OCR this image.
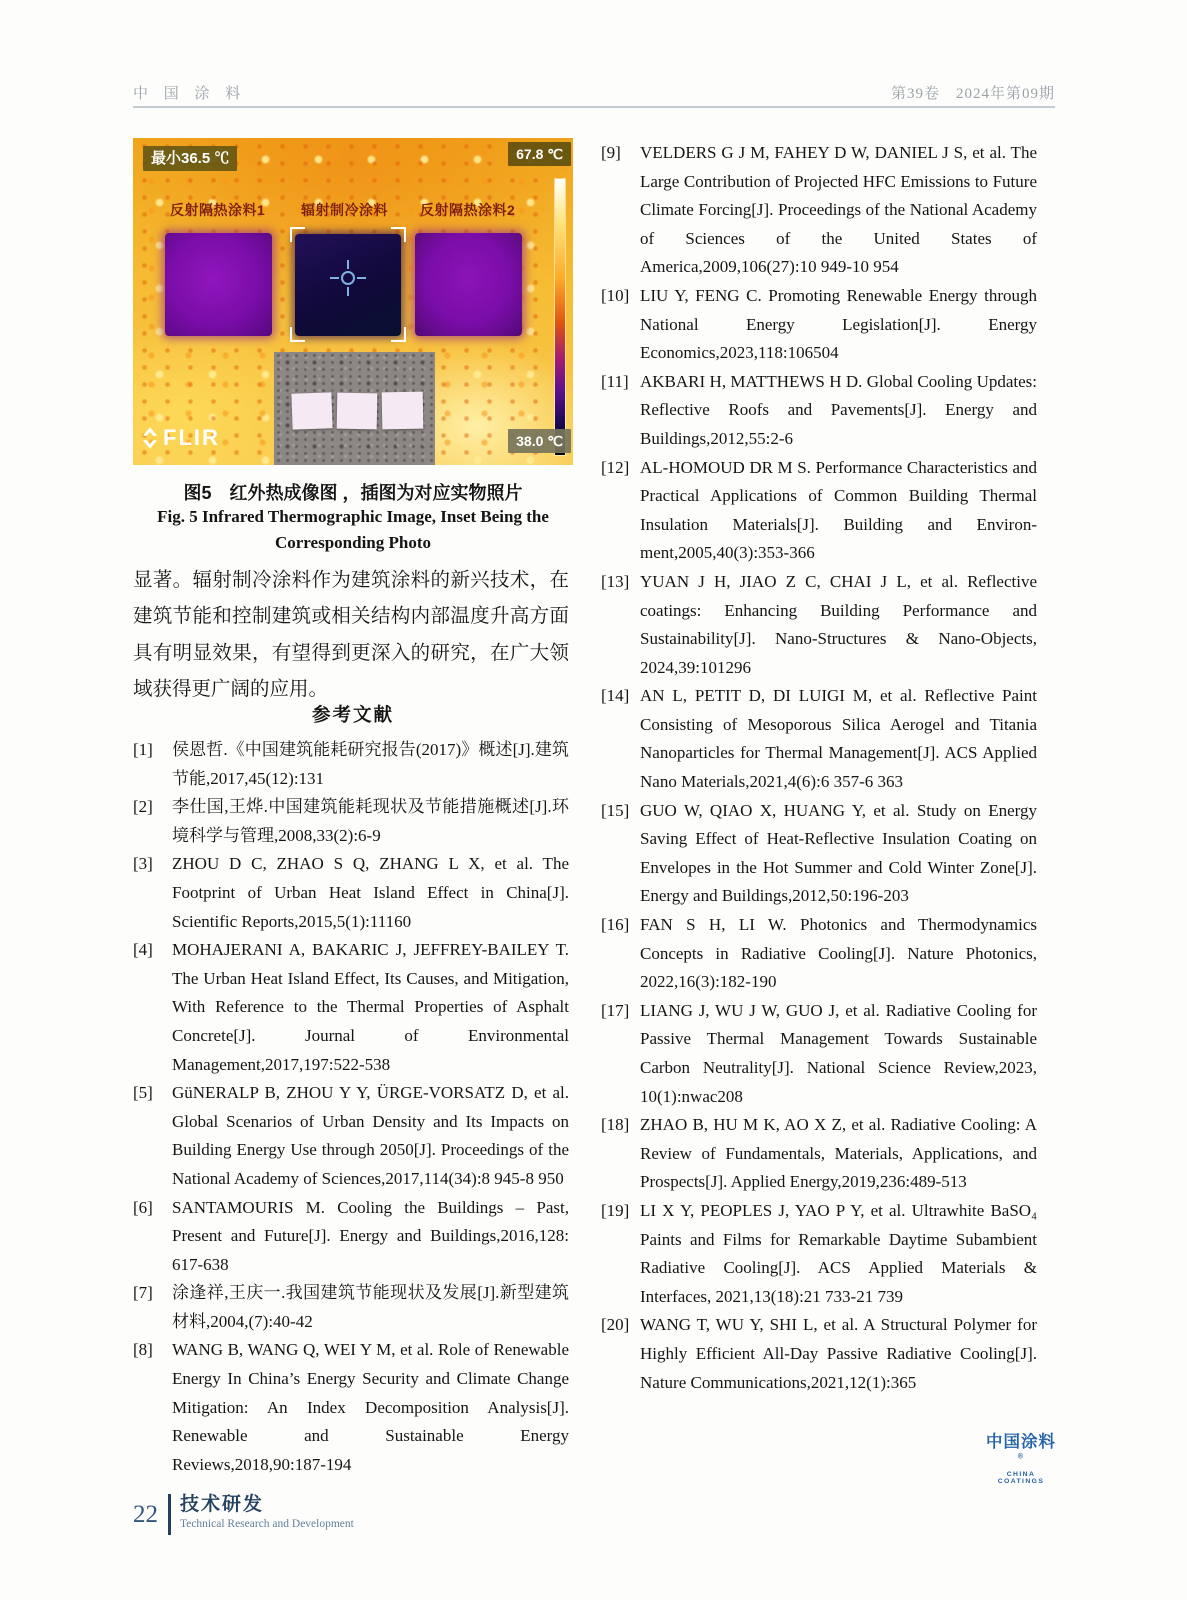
中 国 涂 料	第39卷　2024年第09期
最小36.5 ℃	67.8 ℃
38.0 ℃
反射隔热涂料1	辐射制冷涂料 反射隔热涂料2
FLIR
图5　红外热成像图 ，插图为对应实物照片
Fig. 5 Infrared Thermographic Image, Inset Being the
Corresponding Photo
显著。辐射制冷涂料作为建筑涂料的新兴技术，在建筑节能和控制建筑或相关结构内部温度升高方面具有明显效果，有望得到更深入的研究，在广大领域获得更广阔的应用。
参考文献
[1] 侯恩哲.《中国建筑能耗研究报告(2017)》概述[J].建筑节能,2017,45(12):131
[2] 李仕国,王烨.中国建筑能耗现状及节能措施概述[J].环境科学与管理,2008,33(2):6-9
[3] ZHOU D C, ZHAO S Q, ZHANG L X, et al. The Footprint of Urban Heat Island Effect in China[J]. Scientific Reports,2015,5(1):11160
[4] MOHAJERANI A, BAKARIC J, JEFFREY-BAILEY T. The Urban Heat Island Effect, Its Causes, and Mitigation, With Reference to the Thermal Properties of Asphalt Concrete[J]. Journal of Environmental Management,2017,197:522-538
[5] GüNERALP B, ZHOU Y Y, ÜRGE-VORSATZ D, et al. Global Scenarios of Urban Density and Its Impacts on Building Energy Use through 2050[J]. Proceedings of the National Academy of Sciences,2017,114(34):8 945-8 950
[6] SANTAMOURIS M. Cooling the Buildings – Past, Present and Future[J]. Energy and Buildings,2016,128: 617-638
[7] 涂逢祥,王庆一.我国建筑节能现状及发展[J].新型建筑材料,2004,(7):40-42
[8] WANG B, WANG Q, WEI Y M, et al. Role of Renewable Energy In China’s Energy Security and Climate Change Mitigation: An Index Decomposition Analysis[J]. Renewable and Sustainable Energy Reviews,2018,90:187-194
[9] VELDERS G J M, FAHEY D W, DANIEL J S, et al. The Large Contribution of Projected HFC Emissions to Future Climate Forcing[J]. Proceedings of the National Academy of Sciences of the United States of America,2009,106(27):10 949-10 954
[10] LIU Y, FENG C. Promoting Renewable Energy through National Energy Legislation[J]. Energy Economics,2023,118:106504
[11] AKBARI H, MATTHEWS H D. Global Cooling Updates: Reflective Roofs and Pavements[J]. Energy and Buildings,2012,55:2-6
[12] AL-HOMOUD DR M S. Performance Characteristics and Practical Applications of Common Building Thermal Insulation Materials[J]. Building and Environ-ment,2005,40(3):353-366
[13] YUAN J H, JIAO Z C, CHAI J L, et al. Reflective coatings: Enhancing Building Performance and Sustainability[J]. Nano-Structures & Nano-Objects, 2024,39:101296
[14] AN L, PETIT D, DI LUIGI M, et al. Reflective Paint Consisting of Mesoporous Silica Aerogel and Titania Nanoparticles for Thermal Management[J]. ACS Applied Nano Materials,2021,4(6):6 357-6 363
[15] GUO W, QIAO X, HUANG Y, et al. Study on Energy Saving Effect of Heat-Reflective Insulation Coating on Envelopes in the Hot Summer and Cold Winter Zone[J]. Energy and Buildings,2012,50:196-203
[16] FAN S H, LI W. Photonics and Thermodynamics Concepts in Radiative Cooling[J]. Nature Photonics, 2022,16(3):182-190
[17] LIANG J, WU J W, GUO J, et al. Radiative Cooling for Passive Thermal Management Towards Sustainable Carbon Neutrality[J]. National Science Review,2023, 10(1):nwac208
[18] ZHAO B, HU M K, AO X Z, et al. Radiative Cooling: A Review of Fundamentals, Materials, Applications, and Prospects[J]. Applied Energy,2019,236:489-513
[19] LI X Y, PEOPLES J, YAO P Y, et al. Ultrawhite BaSO₄ Paints and Films for Remarkable Daytime Subambient Radiative Cooling[J]. ACS Applied Materials & Interfaces, 2021,13(18):21 733-21 739
[20] WANG T, WU Y, SHI L, et al. A Structural Polymer for Highly Efficient All-Day Passive Radiative Cooling[J]. Nature Communications,2021,12(1):365
中国涂料®
CHINA COATINGS
22 技术研发
Technical Research and Development
